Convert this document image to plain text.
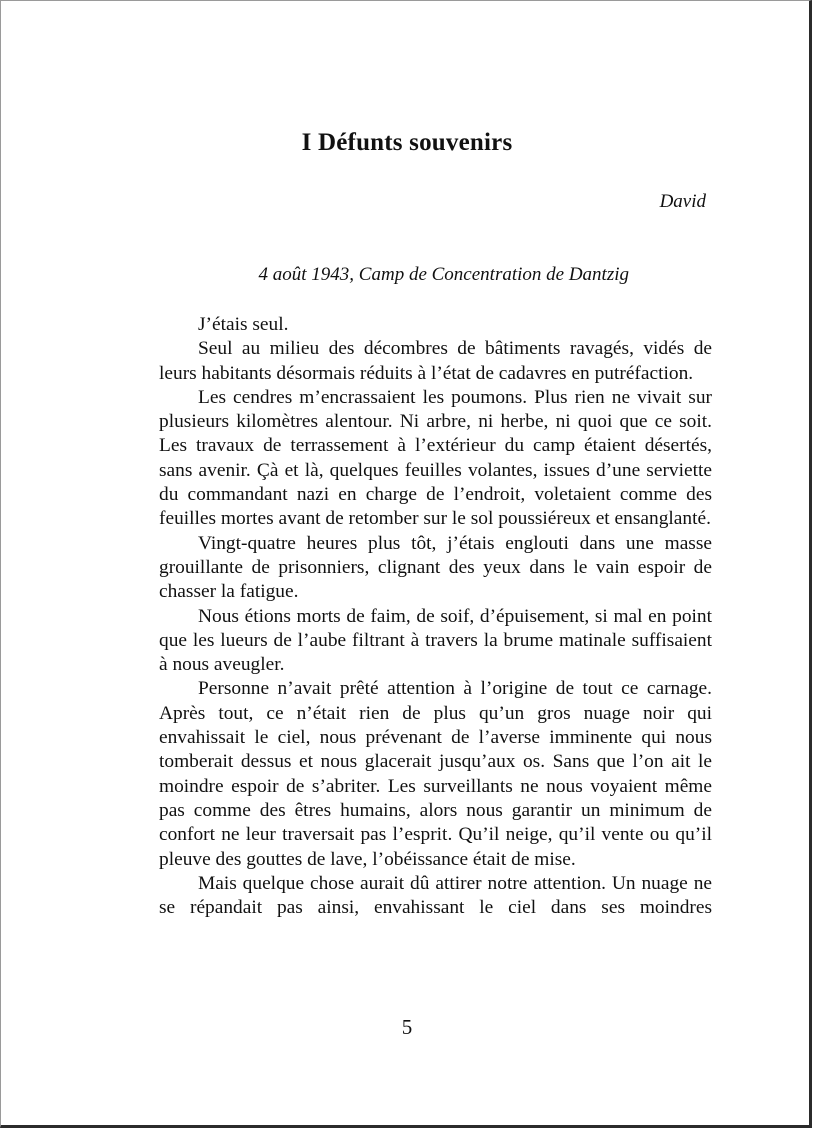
I Défunts souvenirs

David

4 août 1943, Camp de Concentration de Dantzig

J’étais seul.

Seul au milieu des décombres de bâtiments ravagés, vidés de leurs habitants désormais réduits à l’état de cadavres en putréfaction.

Les cendres m’encrassaient les poumons. Plus rien ne vivait sur plusieurs kilomètres alentour. Ni arbre, ni herbe, ni quoi que ce soit. Les travaux de terrassement à l’extérieur du camp étaient désertés, sans avenir. Çà et là, quelques feuilles volantes, issues d’une serviette du commandant nazi en charge de l’endroit, voletaient comme des feuilles mortes avant de retomber sur le sol poussiéreux et ensanglanté.

Vingt-quatre heures plus tôt, j’étais englouti dans une masse grouillante de prisonniers, clignant des yeux dans le vain espoir de chasser la fatigue.

Nous étions morts de faim, de soif, d’épuisement, si mal en point que les lueurs de l’aube filtrant à travers la brume matinale suffisaient à nous aveugler.

Personne n’avait prêté attention à l’origine de tout ce carnage. Après tout, ce n’était rien de plus qu’un gros nuage noir qui envahissait le ciel, nous prévenant de l’averse imminente qui nous tomberait dessus et nous glacerait jusqu’aux os. Sans que l’on ait le moindre espoir de s’abriter. Les surveillants ne nous voyaient même pas comme des êtres humains, alors nous garantir un minimum de confort ne leur traversait pas l’esprit. Qu’il neige, qu’il vente ou qu’il pleuve des gouttes de lave, l’obéissance était de mise.

Mais quelque chose aurait dû attirer notre attention. Un nuage ne se répandait pas ainsi, envahissant le ciel dans ses moindres

5
